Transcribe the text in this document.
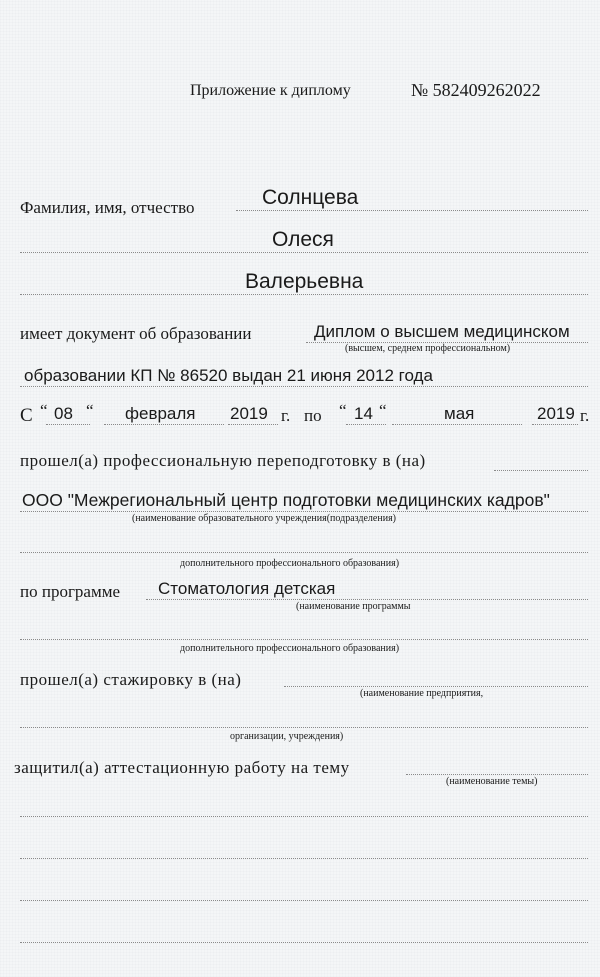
Приложение к диплому	№ 582409262022
Фамилия, имя, отчество	Солнцева
Олеся
Валерьевна
имеет документ об образовании	Диплом о высшем медицинском
(высшем, среднем профессиональном)
образовании КП № 86520 выдан 21 июня 2012 года
С “ 08 “ февраля 2019 г. по “ 14 “	мая	2019 г.
прошел(а) профессиональную переподготовку в (на)
ООО "Межрегиональный центр подготовки медицинских кадров"
(наименование образовательного учреждения(подразделения)
дополнительного профессионального образования)
по программе Стоматология детская
(наименование программы
дополнительного профессионального образования)
прошел(а) стажировку в (на)
(наименование предприятия,
организации, учреждения)
защитил(а) аттестационную работу на тему
(наименование темы)
